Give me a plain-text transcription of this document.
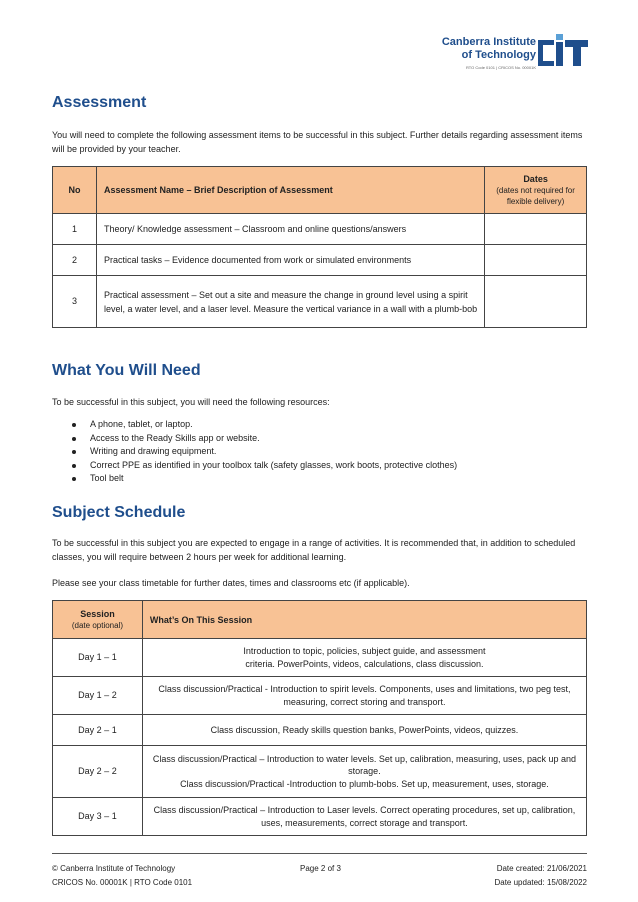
Canberra Institute
of Technology
RTO Code 0101 | CRICOS No. 00001K
Assessment

You will need to complete the following assessment items to be successful in this subject. Further details regarding assessment items will be provided by your teacher.

No	Assessment Name – Brief Description of Assessment	Dates
(dates not required for flexible delivery)

1	Theory/ Knowledge assessment – Classroom and online questions/answers	
2	Practical tasks – Evidence documented from work or simulated environments	
3	Practical assessment – Set out a site and measure the change in ground level using a spirit level, a water level, and a laser level. Measure the vertical variance in a wall with a plumb-bob	
What You Will Need

To be successful in this subject, you will need the following resources:

A phone, tablet, or laptop.
Access to the Ready Skills app or website.
Writing and drawing equipment.
Correct PPE as identified in your toolbox talk (safety glasses, work boots, protective clothes)
Tool belt
Subject Schedule

To be successful in this subject you are expected to engage in a range of activities. It is recommended that, in addition to scheduled classes, you will require between 2 hours per week for additional learning.

Please see your class timetable for further dates, times and classrooms etc (if applicable).

Session
(date optional)	What’s On This Session
Day 1 – 1	Introduction to topic, policies, subject guide, and assessment
criteria. PowerPoints, videos, calculations, class discussion.

Day 1 – 2	Class discussion/Practical - Introduction to spirit levels. Components, uses and limitations, two peg test, measuring, correct storing and transport.

Day 2 – 1	Class discussion, Ready skills question banks, PowerPoints, videos, quizzes.

Day 2 – 2	Class discussion/Practical – Introduction to water levels. Set up, calibration, measuring, uses, pack up and storage.
Class discussion/Practical -Introduction to plumb-bobs. Set up, measurement, uses, storage.

Day 3 – 1	Class discussion/Practical – Introduction to Laser levels. Correct operating procedures, set up, calibration, uses, measurements, correct storage and transport.
© Canberra Institute of Technology
CRICOS No. 00001K | RTO Code 0101
Page 2 of 3	Date created: 21/06/2021
Date updated: 15/08/2022
